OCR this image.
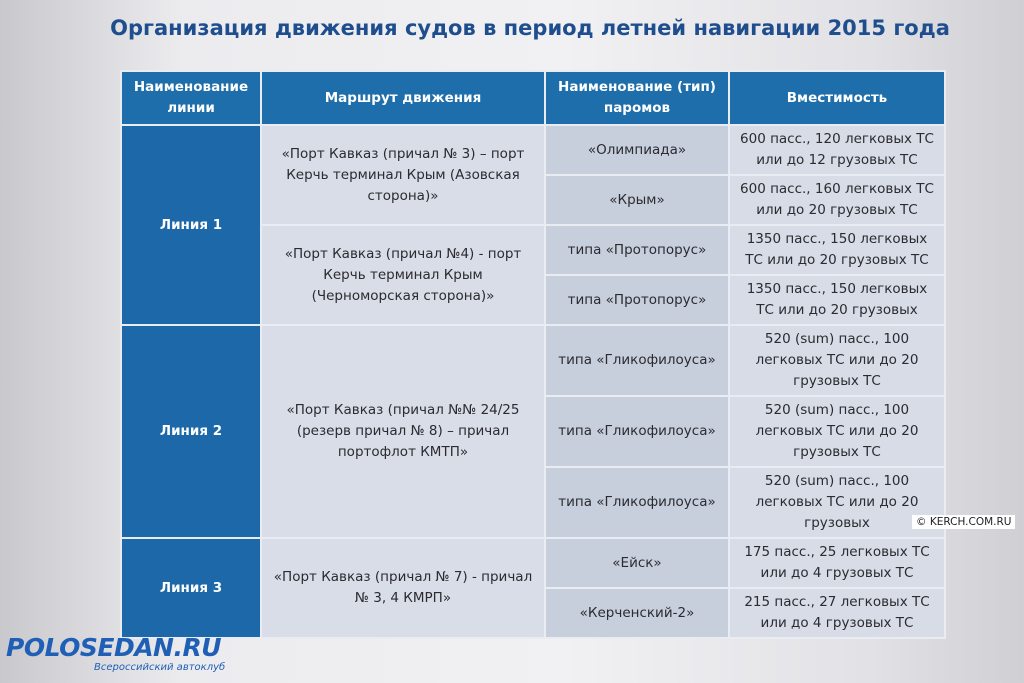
Организация движения судов в период летней навигации 2015 года
Наименование линии	Маршрут движения	Наименование (тип) паромов	Вместимость
Линия 1	«Порт Кавказ (причал № 3) – порт Керчь терминал Крым (Азовская сторона)»	«Олимпиада»	600 пасс., 120 легковых ТС или до 12 грузовых ТС
		«Крым»	600 пасс., 160 легковых ТС или до 20 грузовых ТС
	«Порт Кавказ (причал №4) - порт Керчь терминал Крым (Черноморская сторона)»	типа «Протопорус»	1350 пасс., 150 легковых ТС или до 20 грузовых ТС
		типа «Протопорус»	1350 пасс., 150 легковых ТС или до 20 грузовых
Линия 2	«Порт Кавказ (причал №№ 24/25 (резерв причал № 8) – причал портофлот КМТП»	типа «Гликофилоуса»	520 (sum) пасс., 100 легковых ТС или до 20 грузовых ТС
		типа «Гликофилоуса»	520 (sum) пасс., 100 легковых ТС или до 20 грузовых ТС
		типа «Гликофилоуса»	520 (sum) пасс., 100 легковых ТС или до 20 грузовых
Линия 3	«Порт Кавказ (причал № 7) - причал № 3, 4 КМРП»	«Ейск»	175 пасс., 25 легковых ТС или до 4 грузовых ТС
		«Керченский-2»	215 пасс., 27 легковых ТС или до 4 грузовых ТС
© KERCH.COM.RU
POLOSEDAN.RU
Всероссийский автоклуб
